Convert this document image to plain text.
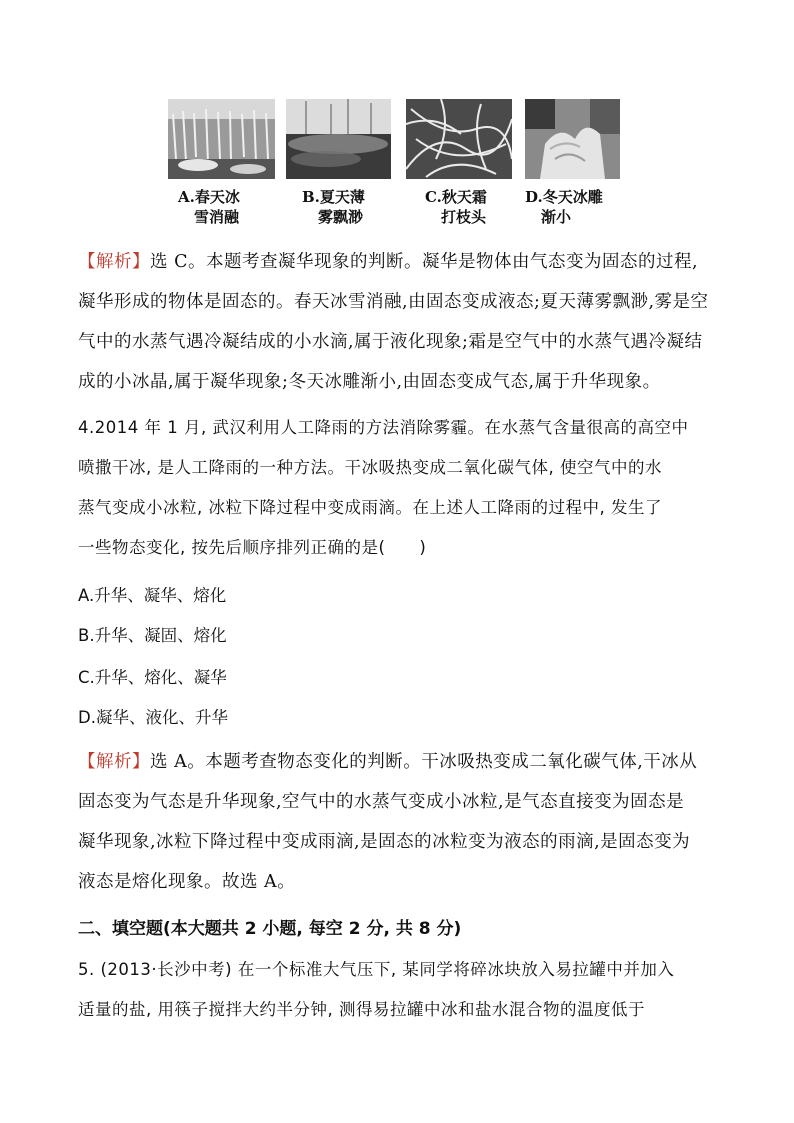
A.春天冰
雪消融
B.夏天薄
雾飘渺
C.秋天霜
打枝头
D.冬天冰雕
渐小
【解析】选 C。本题考查凝华现象的判断。凝华是物体由气态变为固态的过程,
凝华形成的物体是固态的。春天冰雪消融,由固态变成液态;夏天薄雾飘渺,雾是空
气中的水蒸气遇冷凝结成的小水滴,属于液化现象;霜是空气中的水蒸气遇冷凝结
成的小冰晶,属于凝华现象;冬天冰雕渐小,由固态变成气态,属于升华现象。
4.2014 年 1 月, 武汉利用人工降雨的方法消除雾霾。在水蒸气含量很高的高空中
喷撒干冰, 是人工降雨的一种方法。干冰吸热变成二氧化碳气体, 使空气中的水
蒸气变成小冰粒, 冰粒下降过程中变成雨滴。在上述人工降雨的过程中, 发生了
一些物态变化, 按先后顺序排列正确的是(　　)
A.升华、凝华、熔化
B.升华、凝固、熔化
C.升华、熔化、凝华
D.凝华、液化、升华
【解析】选 A。本题考查物态变化的判断。干冰吸热变成二氧化碳气体,干冰从
固态变为气态是升华现象,空气中的水蒸气变成小冰粒,是气态直接变为固态是
凝华现象,冰粒下降过程中变成雨滴,是固态的冰粒变为液态的雨滴,是固态变为
液态是熔化现象。故选 A。
二、填空题(本大题共 2 小题, 每空 2 分, 共 8 分)
5. (2013·长沙中考) 在一个标准大气压下, 某同学将碎冰块放入易拉罐中并加入
适量的盐, 用筷子搅拌大约半分钟, 测得易拉罐中冰和盐水混合物的温度低于
